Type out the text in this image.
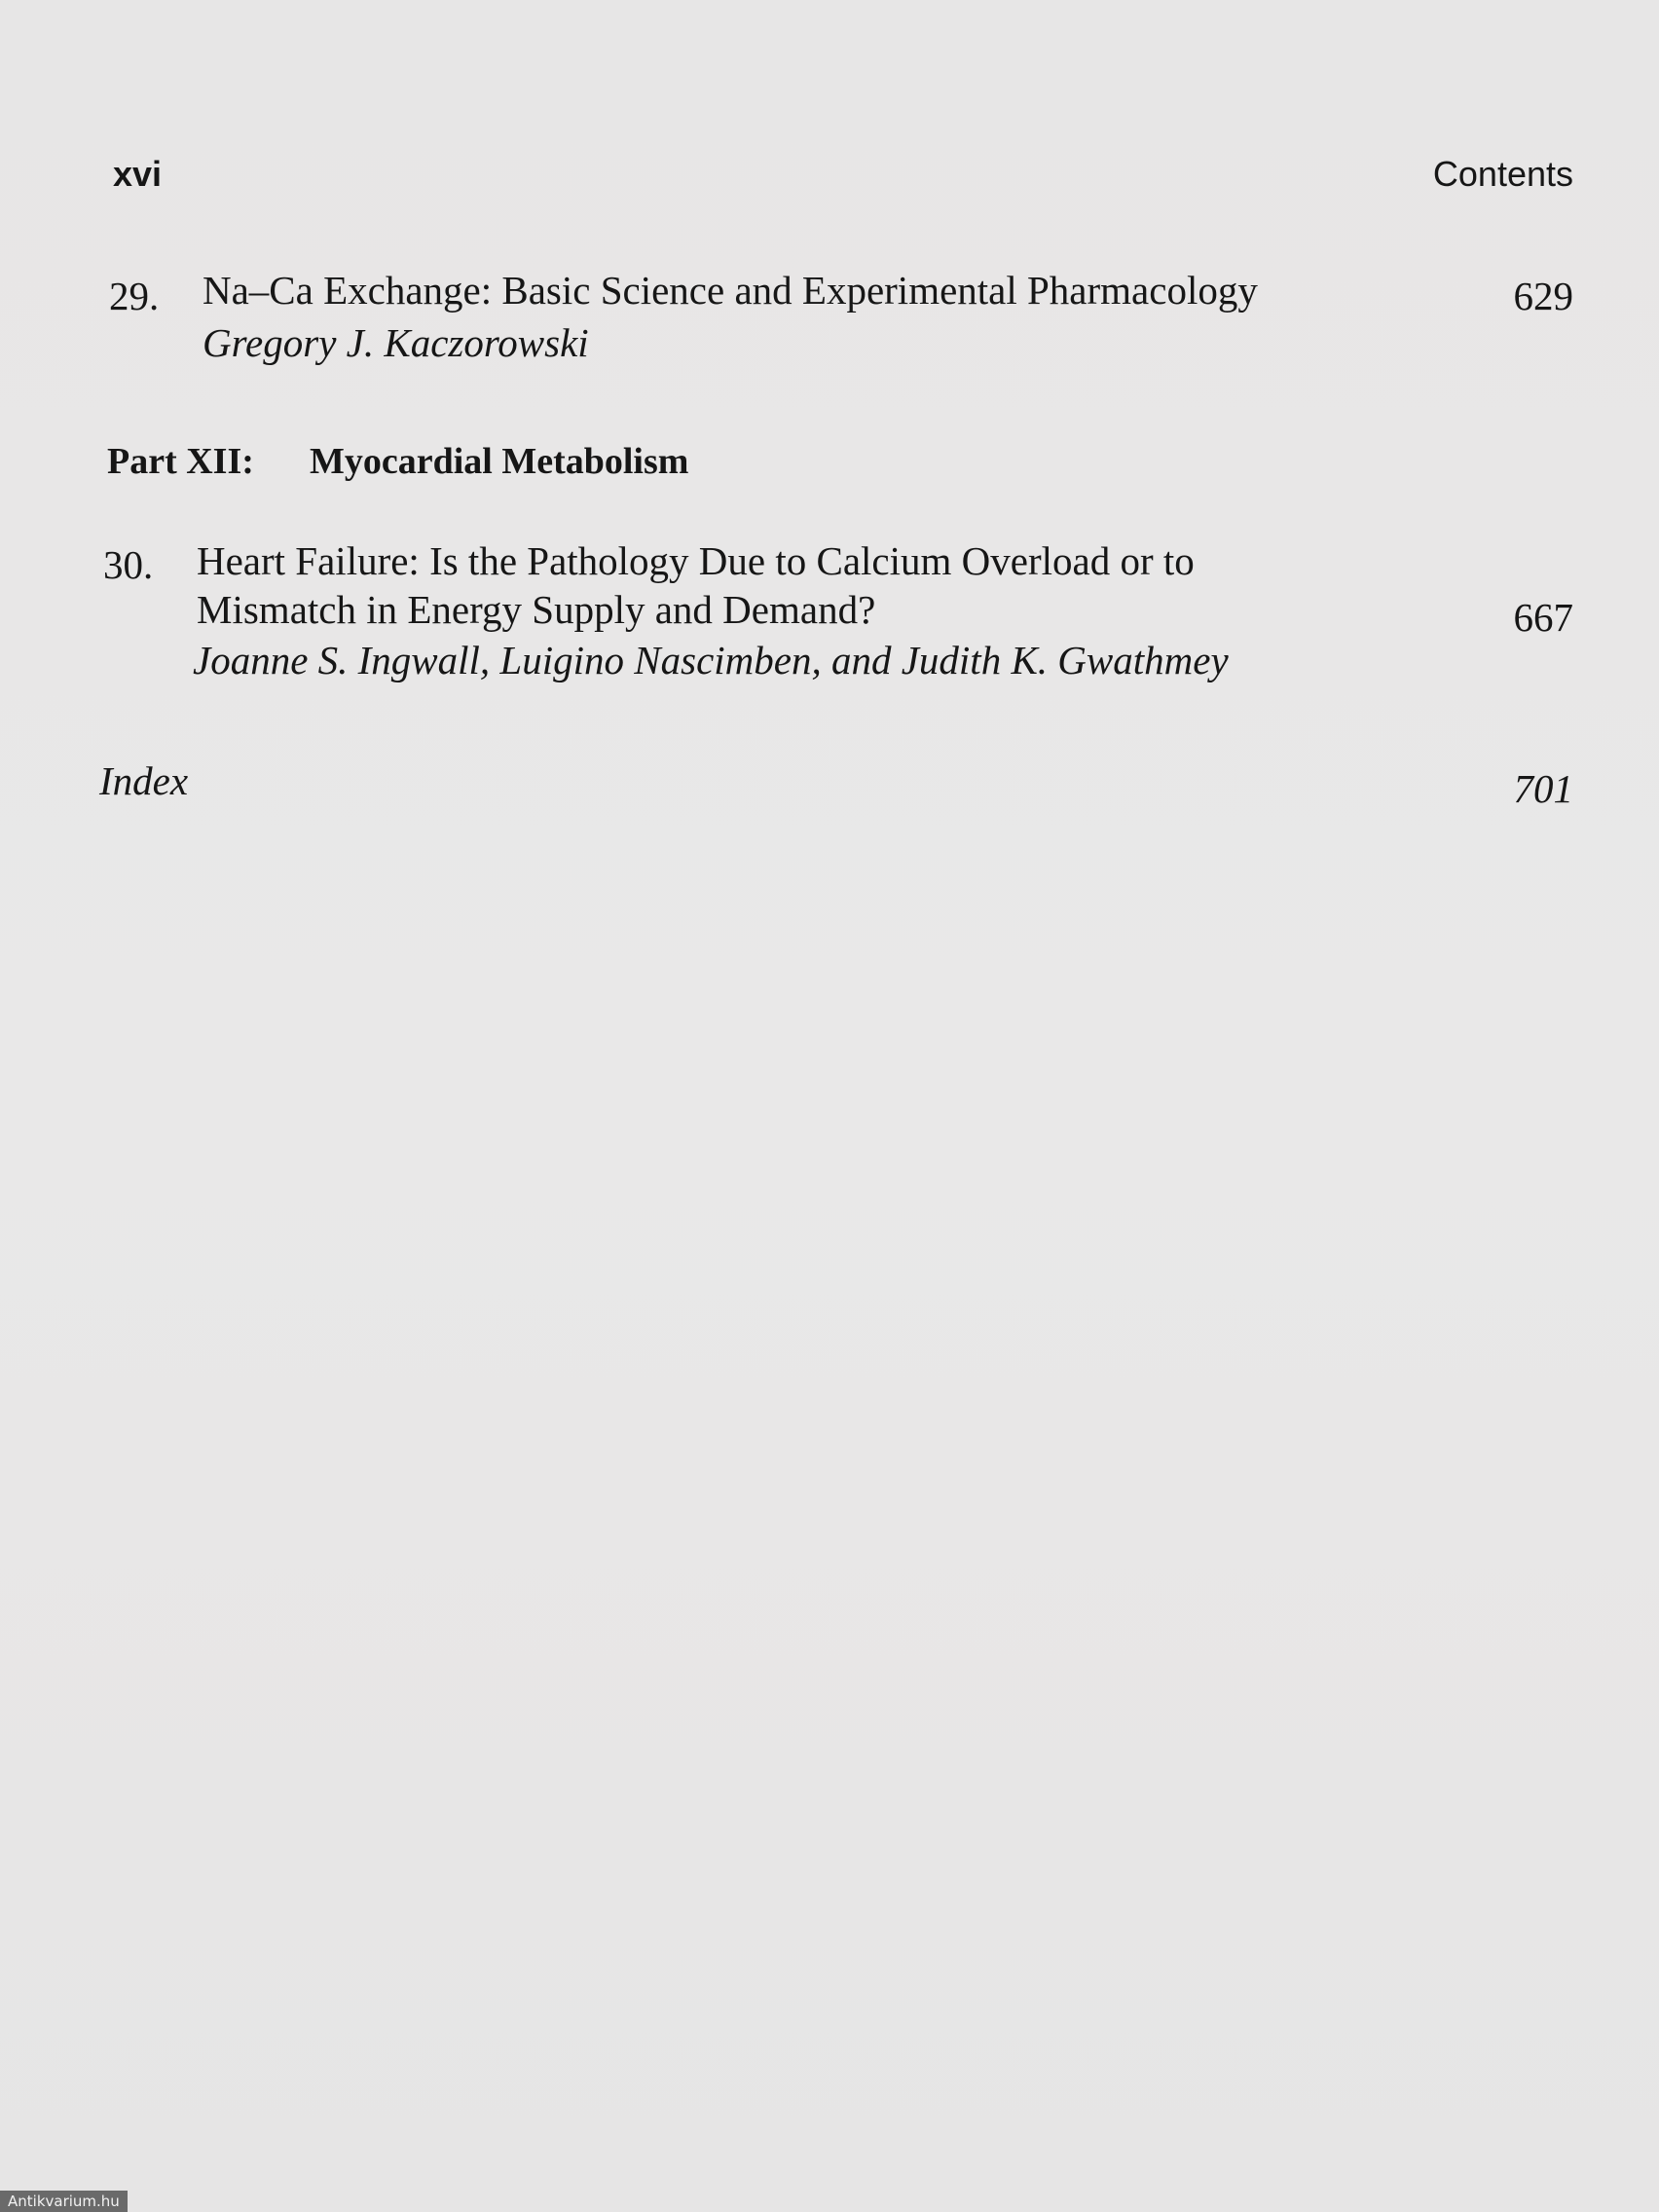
xvi	Contents
29. Na–Ca Exchange: Basic Science and Experimental Pharmacology
Gregory J. Kaczorowski
629
Part XII: Myocardial Metabolism
30. Heart Failure: Is the Pathology Due to Calcium Overload or to
Mismatch in Energy Supply and Demand?
Joanne S. Ingwall, Luigino Nascimben, and Judith K. Gwathmey
667
Index	701
Antikvarium.hu
